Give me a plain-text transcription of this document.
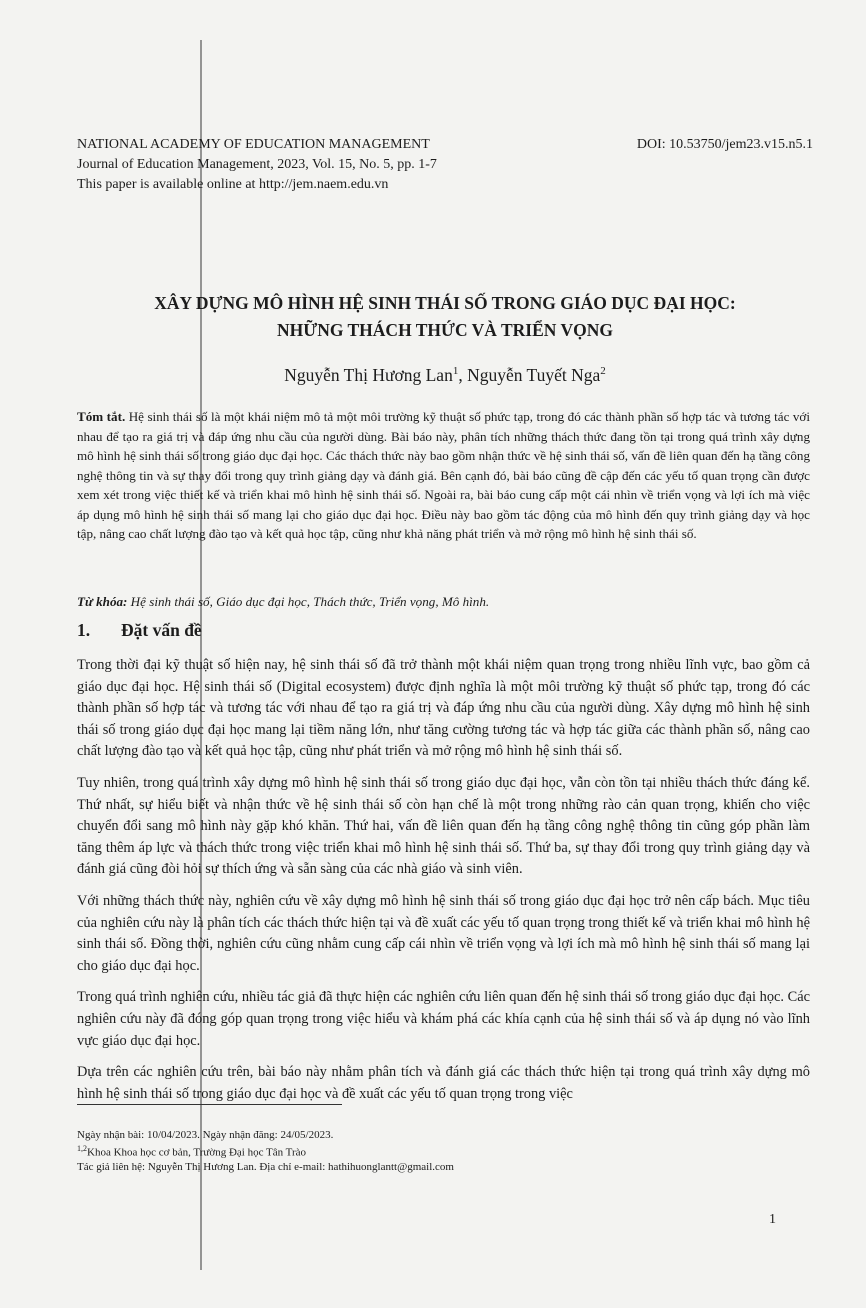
NATIONAL ACADEMY OF EDUCATION MANAGEMENT	DOI: 10.53750/jem23.v15.n5.1
Journal of Education Management, 2023, Vol. 15, No. 5, pp. 1-7
This paper is available online at http://jem.naem.edu.vn
XÂY DỰNG MÔ HÌNH HỆ SINH THÁI SỐ TRONG GIÁO DỤC ĐẠI HỌC:
NHỮNG THÁCH THỨC VÀ TRIỂN VỌNG
Nguyễn Thị Hương Lan$^1$, Nguyễn Tuyết Nga$^2$
Tóm tắt. Hệ sinh thái số là một khái niệm mô tả một môi trường kỹ thuật số phức tạp, trong đó các thành phần số hợp tác và tương tác với nhau để tạo ra giá trị và đáp ứng nhu cầu của người dùng. Bài báo này, phân tích những thách thức đang tồn tại trong quá trình xây dựng mô hình hệ sinh thái số trong giáo dục đại học. Các thách thức này bao gồm nhận thức về hệ sinh thái số, vấn đề liên quan đến hạ tầng công nghệ thông tin và sự thay đổi trong quy trình giảng dạy và đánh giá. Bên cạnh đó, bài báo cũng đề cập đến các yếu tố quan trọng cần được xem xét trong việc thiết kế và triển khai mô hình hệ sinh thái số. Ngoài ra, bài báo cung cấp một cái nhìn về triển vọng và lợi ích mà việc áp dụng mô hình hệ sinh thái số mang lại cho giáo dục đại học. Điều này bao gồm tác động của mô hình đến quy trình giảng dạy và học tập, nâng cao chất lượng đào tạo và kết quả học tập, cũng như khả năng phát triển và mở rộng mô hình hệ sinh thái số.
Từ khóa: Hệ sinh thái số, Giáo dục đại học, Thách thức, Triển vọng, Mô hình.
1. Đặt vấn đề

Trong thời đại kỹ thuật số hiện nay, hệ sinh thái số đã trở thành một khái niệm quan trọng trong nhiều lĩnh vực, bao gồm cả giáo dục đại học. Hệ sinh thái số (Digital ecosystem) được định nghĩa là một môi trường kỹ thuật số phức tạp, trong đó các thành phần số hợp tác và tương tác với nhau để tạo ra giá trị và đáp ứng nhu cầu của người dùng. Xây dựng mô hình hệ sinh thái số trong giáo dục đại học mang lại tiềm năng lớn, như tăng cường tương tác và hợp tác giữa các thành phần số, nâng cao chất lượng đào tạo và kết quả học tập, cũng như phát triển và mở rộng mô hình hệ sinh thái số.

Tuy nhiên, trong quá trình xây dựng mô hình hệ sinh thái số trong giáo dục đại học, vẫn còn tồn tại nhiều thách thức đáng kể. Thứ nhất, sự hiểu biết và nhận thức về hệ sinh thái số còn hạn chế là một trong những rào cản quan trọng, khiến cho việc chuyển đổi sang mô hình này gặp khó khăn. Thứ hai, vấn đề liên quan đến hạ tầng công nghệ thông tin cũng góp phần làm tăng thêm áp lực và thách thức trong việc triển khai mô hình hệ sinh thái số. Thứ ba, sự thay đổi trong quy trình giảng dạy và đánh giá cũng đòi hỏi sự thích ứng và sẵn sàng của các nhà giáo và sinh viên.

Với những thách thức này, nghiên cứu về xây dựng mô hình hệ sinh thái số trong giáo dục đại học trở nên cấp bách. Mục tiêu của nghiên cứu này là phân tích các thách thức hiện tại và đề xuất các yếu tố quan trọng trong thiết kế và triển khai mô hình hệ sinh thái số. Đồng thời, nghiên cứu cũng nhằm cung cấp cái nhìn về triển vọng và lợi ích mà mô hình hệ sinh thái số mang lại cho giáo dục đại học.

Trong quá trình nghiên cứu, nhiều tác giả đã thực hiện các nghiên cứu liên quan đến hệ sinh thái số trong giáo dục đại học. Các nghiên cứu này đã đóng góp quan trọng trong việc hiểu và khám phá các khía cạnh của hệ sinh thái số và áp dụng nó vào lĩnh vực giáo dục đại học.

Dựa trên các nghiên cứu trên, bài báo này nhằm phân tích và đánh giá các thách thức hiện tại trong quá trình xây dựng mô hình hệ sinh thái số trong giáo dục đại học và đề xuất các yếu tố quan trọng trong việc

Ngày nhận bài: 10/04/2023. Ngày nhận đăng: 24/05/2023.
$^{1,2}$Khoa Khoa học cơ bản, Trường Đại học Tân Trào
Tác giả liên hệ: Nguyễn Thị Hương Lan. Địa chỉ e-mail: hathihuonglantt@gmail.com
1
